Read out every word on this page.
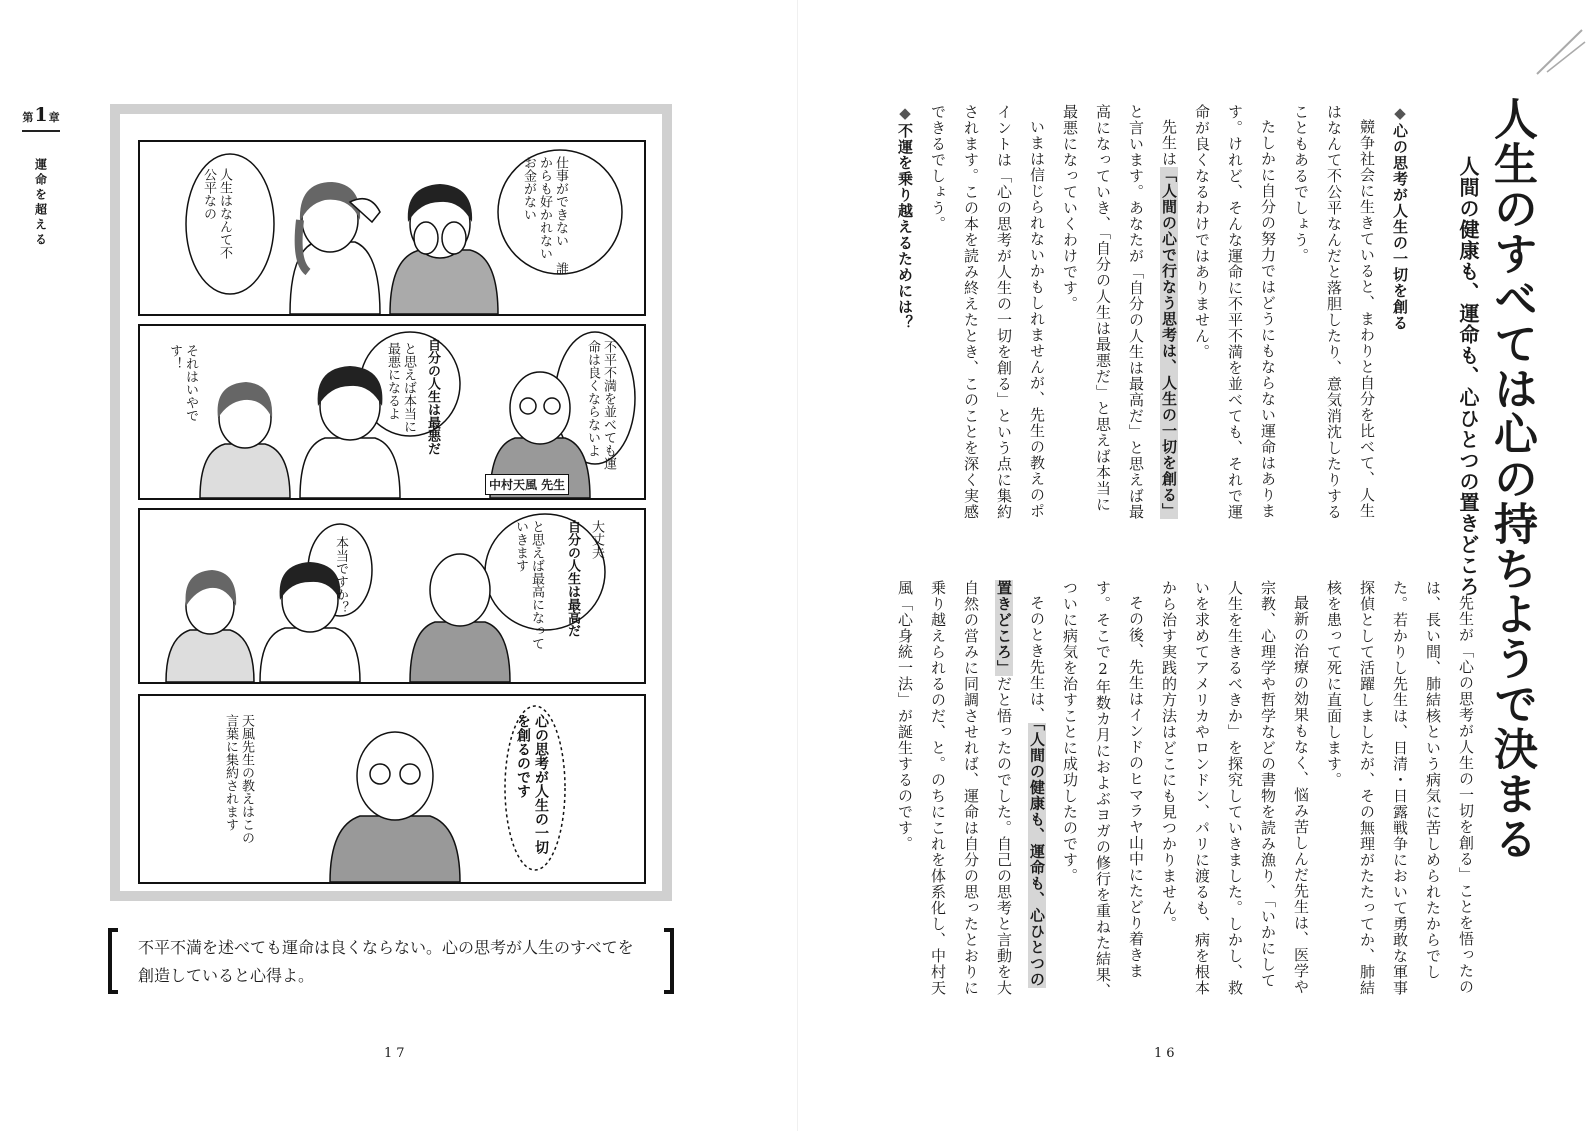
第1章
運命を超える	仕事ができない 誰からも好かれない お金がない
人生はなんて不公平なの
不平不満を並べても運命は良くならないよ
自分の人生は最悪だ
と思えば本当に最悪になるよ
それはいやです！
中村天風 先生
大丈夫
自分の人生は最高だ
と思えば最高になっていきます
本当ですか？
心の思考が人生の一切を創るのです
天風先生の教えはこの言葉に集約されます
不平不満を述べても運命は良くならない。心の思考が人生のすべてを創造していると心得よ。
17
人生のすべては心の持ちようで決まる
人間の健康も、運命も、心ひとつの置きどころ
◆心の思考が人生の一切を創る

競争社会に生きていると、まわりと自分を比べて、人生はなんて不公平なんだと落胆したり、意気消沈したりすることもあるでしょう。

たしかに自分の努力ではどうにもならない運命はあります。けれど、そんな運命に不平不満を並べても、それで運命が良くなるわけではありません。

先生は「人間の心で行なう思考は、人生の一切を創る」と言います。あなたが「自分の人生は最高だ」と思えば最高になっていき、「自分の人生は最悪だ」と思えば本当に最悪になっていくわけです。

いまは信じられないかもしれませんが、先生の教えのポイントは「心の思考が人生の一切を創る」という点に集約されます。この本を読み終えたとき、このことを深く実感できるでしょう。

◆不運を乗り越えるためには？

先生が「心の思考が人生の一切を創る」ことを悟ったのは、長い間、肺結核という病気に苦しめられたからでした。若かりし先生は、日清・日露戦争において勇敢な軍事探偵として活躍しましたが、その無理がたたってか、肺結核を患って死に直面します。

最新の治療の効果もなく、悩み苦しんだ先生は、医学や宗教、心理学や哲学などの書物を読み漁り、「いかにして人生を生きるべきか」を探究していきました。しかし、救いを求めてアメリカやロンドン、パリに渡るも、病を根本から治す実践的方法はどこにも見つかりません。

その後、先生はインドのヒマラヤ山中にたどり着きます。そこで2年数カ月におよぶヨガの修行を重ねた結果、ついに病気を治すことに成功したのです。

そのとき先生は、「人間の健康も、運命も、心ひとつの置きどころ」だと悟ったのでした。自己の思考と言動を大自然の営みに同調させれば、運命は自分の思ったとおりに乗り越えられるのだ、と。のちにこれを体系化し、中村天風「心身統一法」が誕生するのです。

16
